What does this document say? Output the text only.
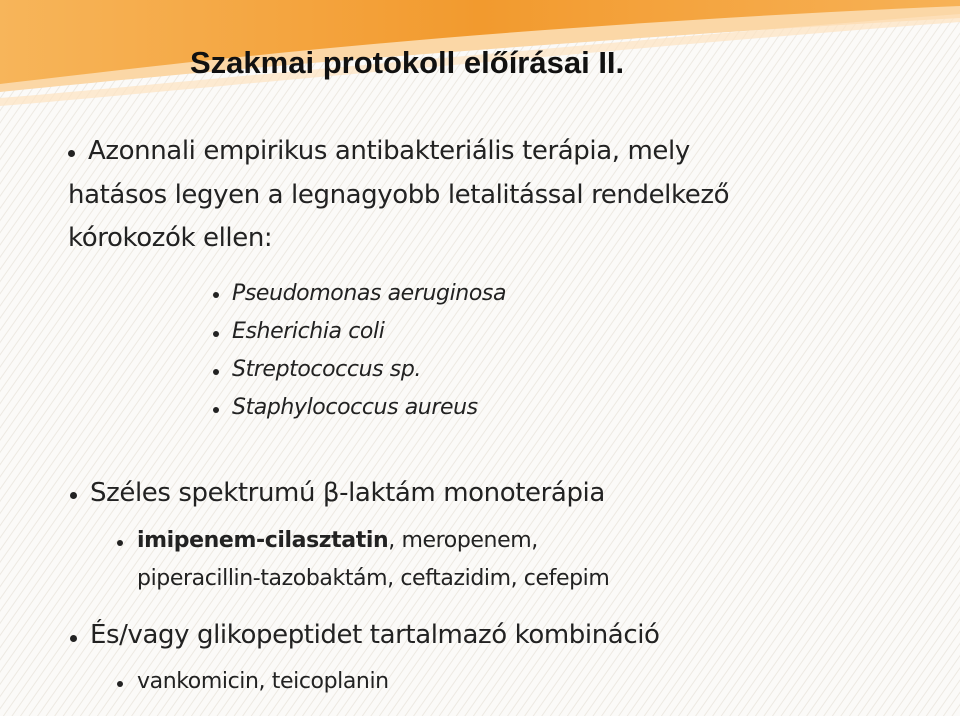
Szakmai protokoll előírásai II.
Azonnali empirikus antibakteriális terápia, mely
hatásos legyen a legnagyobb letalitással rendelkező
kórokozók ellen:
Pseudomonas aeruginosa
Esherichia coli
Streptococcus sp.
Staphylococcus aureus
Széles spektrumú β-laktám monoterápia
imipenem-cilasztatin, meropenem,
piperacillin-tazobaktám, ceftazidim, cefepim
És/vagy glikopeptidet tartalmazó kombináció
vankomicin, teicoplanin
